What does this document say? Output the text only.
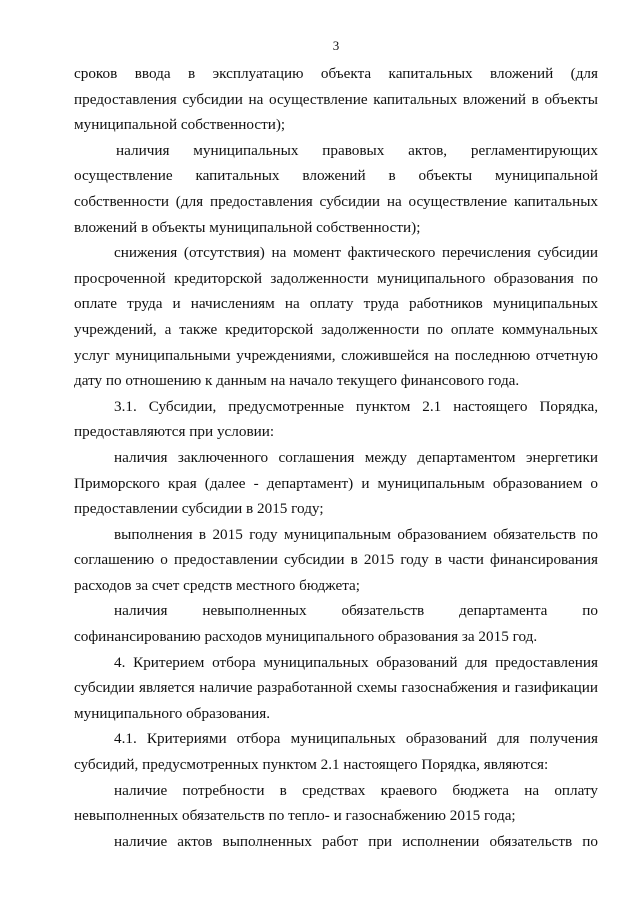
3

сроков ввода в эксплуатацию объекта капитальных вложений (для предоставления субсидии на осуществление капитальных вложений в объекты муниципальной собственности);

наличия муниципальных правовых актов, регламентирующих осуществление капитальных вложений в объекты муниципальной собственности (для предоставления субсидии на осуществление капитальных вложений в объекты муниципальной собственности);

снижения (отсутствия) на момент фактического перечисления субсидии просроченной кредиторской задолженности муниципального образования по оплате труда и начислениям на оплату труда работников муниципальных учреждений, а также кредиторской задолженности по оплате коммунальных услуг муниципальными учреждениями, сложившейся на последнюю отчетную дату по отношению к данным на начало текущего финансового года.

3.1. Субсидии, предусмотренные пунктом 2.1 настоящего Порядка, предоставляются при условии:

наличия заключенного соглашения между департаментом энергетики Приморского края (далее - департамент) и муниципальным образованием о предоставлении субсидии в 2015 году;

выполнения в 2015 году муниципальным образованием обязательств по соглашению о предоставлении субсидии в 2015 году в части финансирования расходов за счет средств местного бюджета;

наличия невыполненных обязательств департамента по софинансированию расходов муниципального образования за 2015 год.

4. Критерием отбора муниципальных образований для предоставления субсидии является наличие разработанной схемы газоснабжения и газификации муниципального образования.

4.1. Критериями отбора муниципальных образований для получения субсидий, предусмотренных пунктом 2.1 настоящего Порядка, являются:

наличие потребности в средствах краевого бюджета на оплату невыполненных обязательств по тепло- и газоснабжению 2015 года;

наличие актов выполненных работ при исполнении обязательств по
